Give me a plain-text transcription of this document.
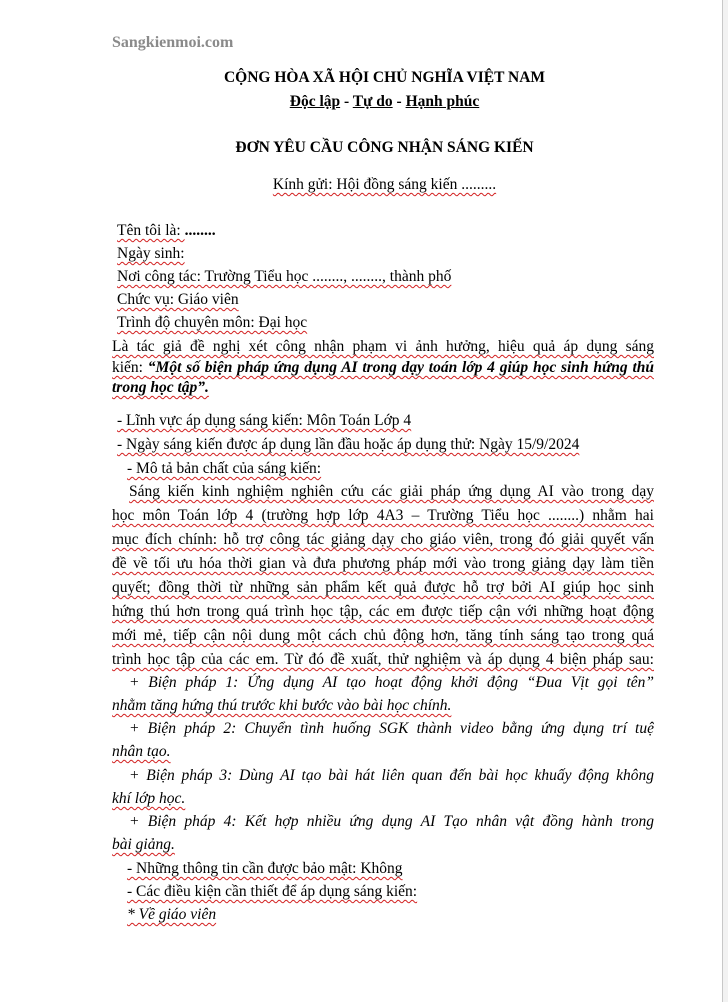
Sangkienmoi.com
CỘNG HÒA XÃ HỘI CHỦ NGHĨA VIỆT NAM
Độc lập - Tự do - Hạnh phúc
ĐƠN YÊU CẦU CÔNG NHẬN SÁNG KIẾN
Kính gửi: Hội đồng sáng kiến .........
Tên tôi là: ........
Ngày sinh:
Nơi công tác: Trường Tiểu học ........, ........, thành phố
Chức vụ: Giáo viên
Trình độ chuyên môn: Đại học
Là tác giả đề nghị xét công nhận phạm vi ảnh hưởng, hiệu quả áp dụng sáng
kiến: “Một số biện pháp ứng dụng AI trong dạy toán lớp 4 giúp học sinh hứng thú
trong học tập”.
- Lĩnh vực áp dụng sáng kiến: Môn Toán Lớp 4
- Ngày sáng kiến được áp dụng lần đầu hoặc áp dụng thử: Ngày 15/9/2024
- Mô tả bản chất của sáng kiến:
Sáng kiến kinh nghiệm nghiên cứu các giải pháp ứng dụng AI vào trong dạy
học môn Toán lớp 4 (trường hợp lớp 4A3 – Trường Tiểu học ........) nhằm hai
mục đích chính: hỗ trợ công tác giảng dạy cho giáo viên, trong đó giải quyết vấn
đề về tối ưu hóa thời gian và đưa phương pháp mới vào trong giảng dạy làm tiền
quyết; đồng thời từ những sản phẩm kết quả được hỗ trợ bởi AI giúp học sinh
hứng thú hơn trong quá trình học tập, các em được tiếp cận với những hoạt động
mới mẻ, tiếp cận nội dung một cách chủ động hơn, tăng tính sáng tạo trong quá
trình học tập của các em. Từ đó đề xuất, thử nghiệm và áp dụng 4 biện pháp sau:
+ Biện pháp 1: Ứng dụng AI tạo hoạt động khởi động “Đua Vịt gọi tên”
nhằm tăng hứng thú trước khi bước vào bài học chính.
+ Biện pháp 2: Chuyển tình huống SGK thành video bằng ứng dụng trí tuệ
nhân tạo.
+ Biện pháp 3: Dùng AI tạo bài hát liên quan đến bài học khuấy động không
khí lớp học.
+ Biện pháp 4: Kết hợp nhiều ứng dụng AI Tạo nhân vật đồng hành trong
bài giảng.
- Những thông tin cần được bảo mật: Không
- Các điều kiện cần thiết để áp dụng sáng kiến:
* Về giáo viên
